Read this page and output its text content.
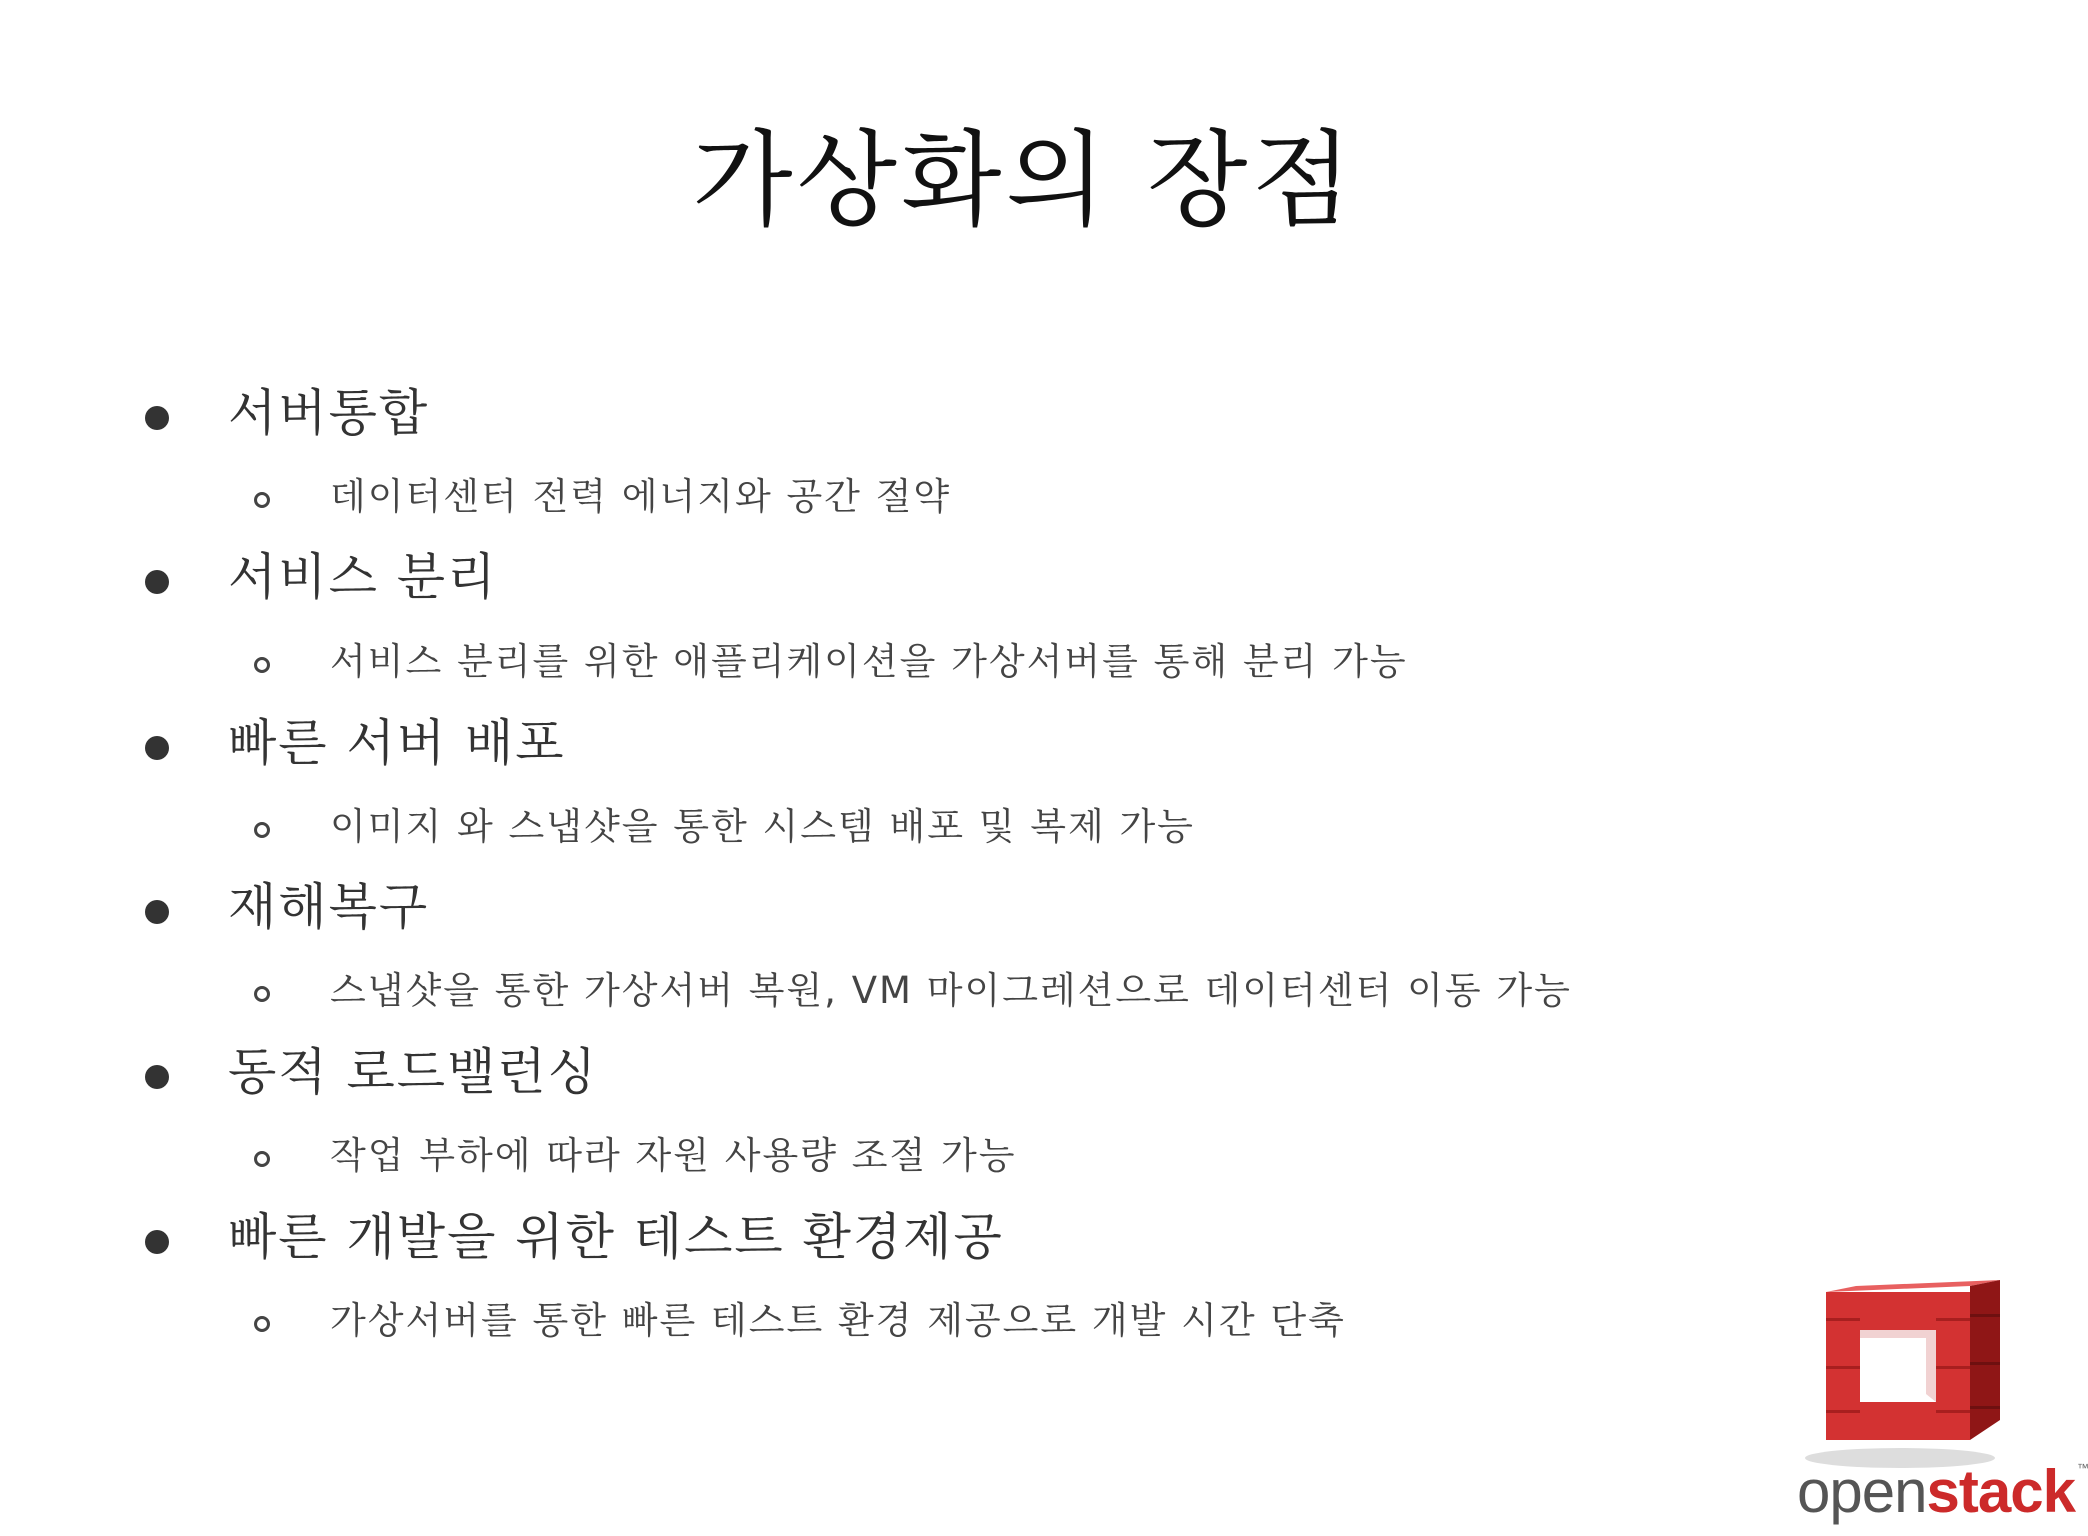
가상화의 장점
서버통합
데이터센터 전력 에너지와 공간 절약
서비스 분리
서비스 분리를 위한 애플리케이션을 가상서버를 통해 분리 가능
빠른 서버 배포
이미지 와 스냅샷을 통한 시스템 배포 및 복제 가능
재해복구
스냅샷을 통한 가상서버 복원, VM 마이그레션으로 데이터센터 이동 가능
동적 로드밸런싱
작업 부하에 따라 자원 사용량 조절 가능
빠른 개발을 위한 테스트 환경제공
가상서버를 통한 빠른 테스트 환경 제공으로 개발 시간 단축
openstack ™
